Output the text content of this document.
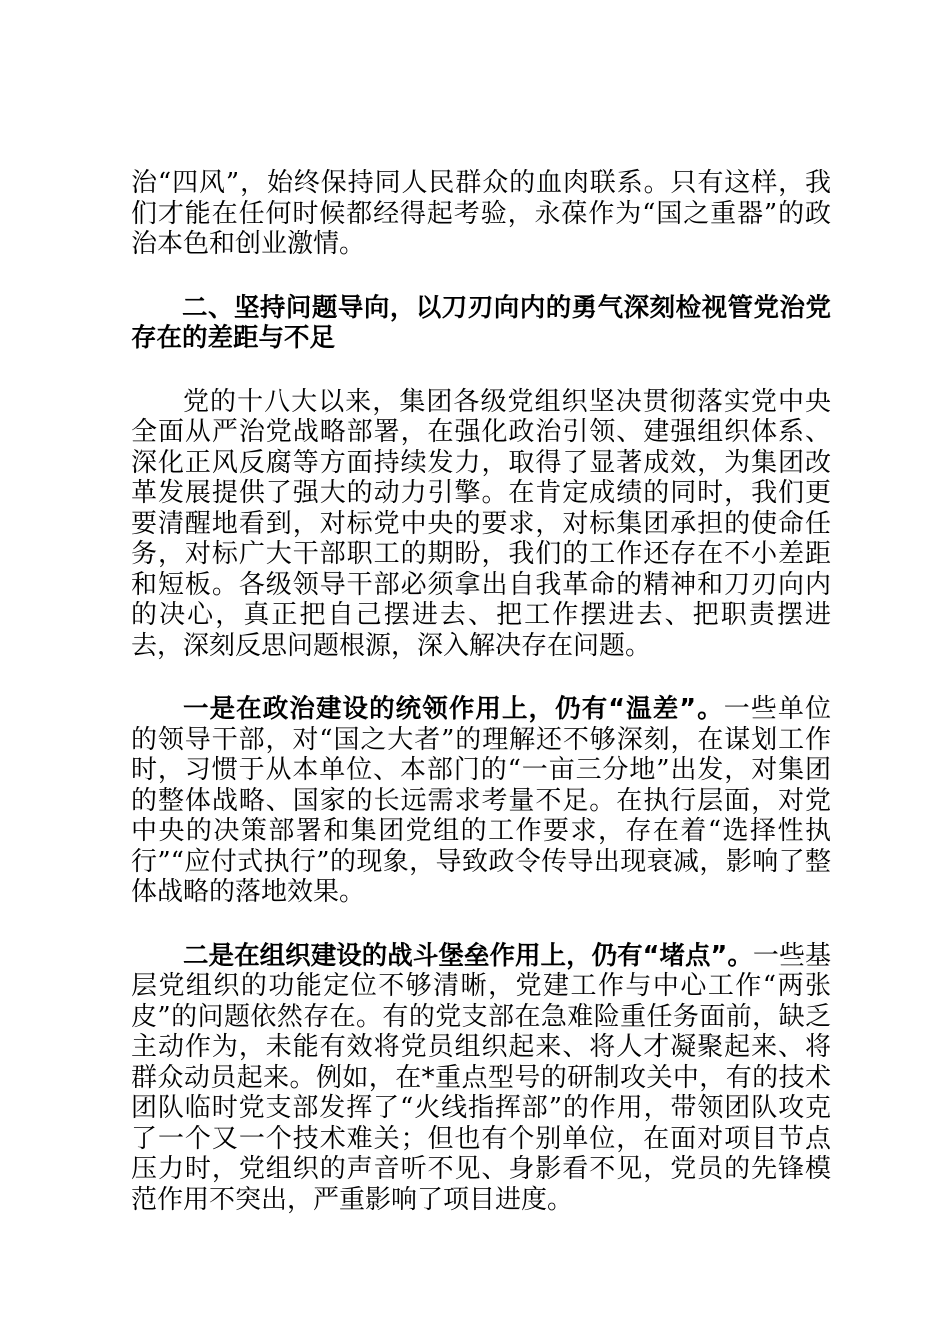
治“四风”，始终保持同人民群众的血肉联系。只有这样，我们才能在任何时候都经得起考验，永葆作为“国之重器”的政治本色和创业激情。

二、坚持问题导向，以刀刃向内的勇气深刻检视管党治党存在的差距与不足

党的十八大以来，集团各级党组织坚决贯彻落实党中央全面从严治党战略部署，在强化政治引领、建强组织体系、深化正风反腐等方面持续发力，取得了显著成效，为集团改革发展提供了强大的动力引擎。在肯定成绩的同时，我们更要清醒地看到，对标党中央的要求，对标集团承担的使命任务，对标广大干部职工的期盼，我们的工作还存在不小差距和短板。各级领导干部必须拿出自我革命的精神和刀刃向内的决心，真正把自己摆进去、把工作摆进去、把职责摆进去，深刻反思问题根源，深入解决存在问题。

一是在政治建设的统领作用上，仍有“温差”。一些单位的领导干部，对“国之大者”的理解还不够深刻，在谋划工作时，习惯于从本单位、本部门的“一亩三分地”出发，对集团的整体战略、国家的长远需求考量不足。在执行层面，对党中央的决策部署和集团党组的工作要求，存在着“选择性执行”“应付式执行”的现象，导致政令传导出现衰减，影响了整体战略的落地效果。

二是在组织建设的战斗堡垒作用上，仍有“堵点”。一些基层党组织的功能定位不够清晰，党建工作与中心工作“两张皮”的问题依然存在。有的党支部在急难险重任务面前，缺乏主动作为，未能有效将党员组织起来、将人才凝聚起来、将群众动员起来。例如，在*重点型号的研制攻关中，有的技术团队临时党支部发挥了“火线指挥部”的作用，带领团队攻克了一个又一个技术难关；但也有个别单位，在面对项目节点压力时，党组织的声音听不见、身影看不见，党员的先锋模范作用不突出，严重影响了项目进度。
